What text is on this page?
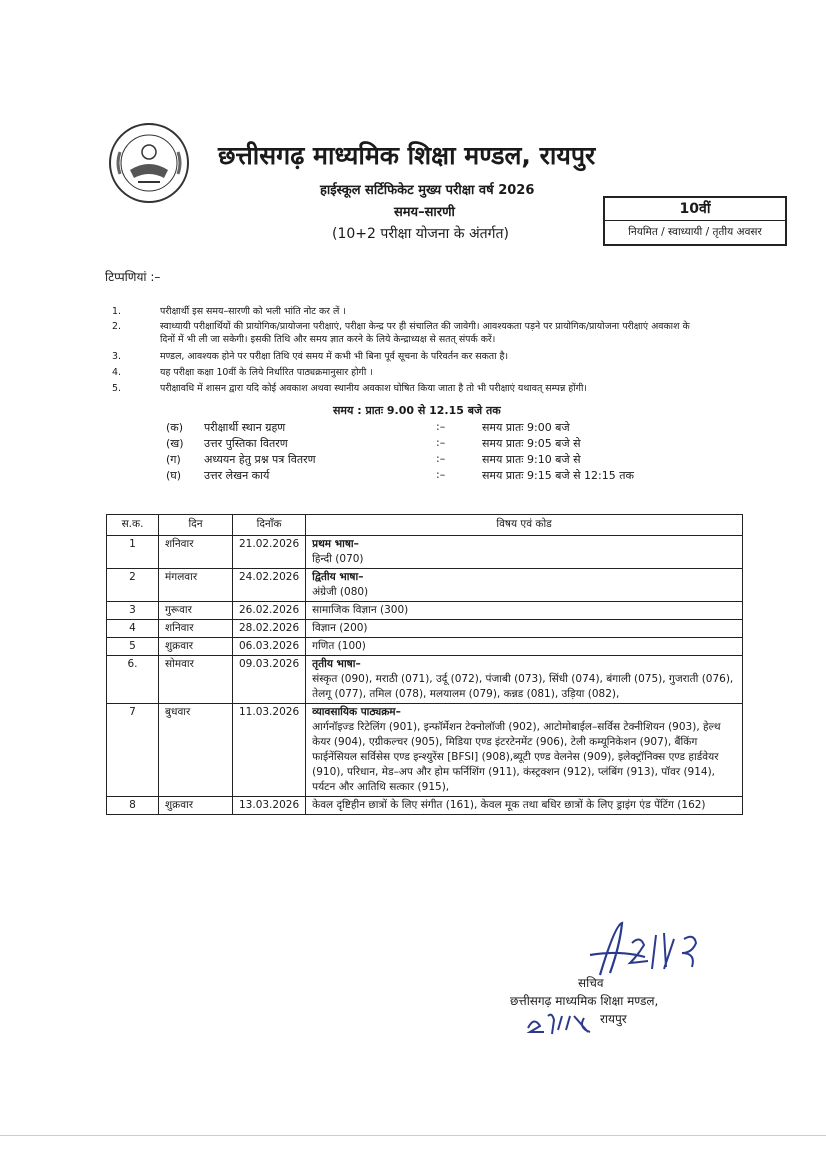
छत्तीसगढ़ माध्यमिक शिक्षा मण्डल, रायपुर
हाईस्कूल सर्टिफिकेट मुख्य परीक्षा वर्ष 2026
समय–सारणी
(10+2 परीक्षा योजना के अंतर्गत)
10वीं
नियमित / स्वाध्यायी / तृतीय अवसर
टिप्पणियां :–
1.	परीक्षार्थी इस समय–सारणी को भली भांति नोट कर लें ।
2.	स्वाध्यायी परीक्षार्थियों की प्रायोगिक/प्रायोजना परीक्षाएं, परीक्षा केन्द्र पर ही संचालित की जावेगी। आवश्यकता पड़ने पर प्रायोगिक/प्रायोजना परीक्षाएं अवकाश के दिनों में भी ली जा सकेगी। इसकी तिथि और समय ज्ञात करने के लिये केन्द्राध्यक्ष से सतत् संपर्क करें।
3.	मण्डल, आवश्यक होने पर परीक्षा तिथि एवं समय में कभी भी बिना पूर्व सूचना के परिवर्तन कर सकता है।
4.	यह परीक्षा कक्षा 10वीं के लिये निर्धारित पाठ्यक्रमानुसार होगी ।
5.	परीक्षावधि में शासन द्वारा यदि कोई अवकाश अथवा स्थानीय अवकाश घोषित किया जाता है तो भी परीक्षाएं यथावत् सम्पन्न होंगी।
समय : प्रातः 9.00 से 12.15 बजे तक
(क) परीक्षार्थी स्थान ग्रहण	:–	समय प्रातः 9:00 बजे
(ख) उत्तर पुस्तिका वितरण	:–	समय प्रातः 9:05 बजे से
(ग) अध्ययन हेतु प्रश्न पत्र वितरण	:–	समय प्रातः 9:10 बजे से
(घ) उत्तर लेखन कार्य	:–	समय प्रातः 9:15 बजे से 12:15 तक
स.क.	दिन	दिनाँक	विषय एवं कोड
1	शनिवार	21.02.2026	प्रथम भाषा–
हिन्दी (070)

2	मंगलवार	24.02.2026	द्वितीय भाषा–
अंग्रेजी (080)

3	गुरूवार	26.02.2026	सामाजिक विज्ञान (300)

4	शनिवार	28.02.2026	विज्ञान (200)

5	शुक्रवार	06.03.2026	गणित (100)

6.	सोमवार	09.03.2026	तृतीय भाषा–
संस्कृत (090), मराठी (071), उर्दू (072), पंजाबी (073), सिंधी (074), बंगाली (075), गुजराती (076), तेलगू (077), तमिल (078), मलयालम (079), कन्नड (081), उड़िया (082),

7	बुधवार	11.03.2026	व्यावसायिक पाठ्यक्रम–
आर्गनॉइज्ड रिटेलिंग (901), इन्फॉर्मेशन टेक्नोलॉजी (902), आटोमोबाईल–सर्विस टेक्नीशियन (903), हेल्थ केयर (904), एग्रीकल्चर (905), मिडिया एण्ड इंटरटेनमेंट (906), टेली कम्यूनिकेशन (907), बैंकिंग फाईनेंसियल सर्विसेस एण्ड इन्श्युरेंस [BFSI] (908),ब्यूटी एण्ड वेलनेस (909), इलेक्ट्रॉनिक्स एण्ड हार्डवेयर (910), परिधान, मेड–अप और होम फर्निशिंग (911), कंस्ट्रक्शन (912), प्लंबिंग (913), पॉवर (914), पर्यटन और आतिथि सत्कार (915),

8	शुक्रवार	13.03.2026	केवल दृष्टिहीन छात्रों के लिए संगीत (161), केवल मूक तथा बधिर छात्रों के लिए ड्राइंग एंड पेंटिंग (162)
सचिव
छत्तीसगढ़ माध्यमिक शिक्षा मण्डल,
रायपुर
